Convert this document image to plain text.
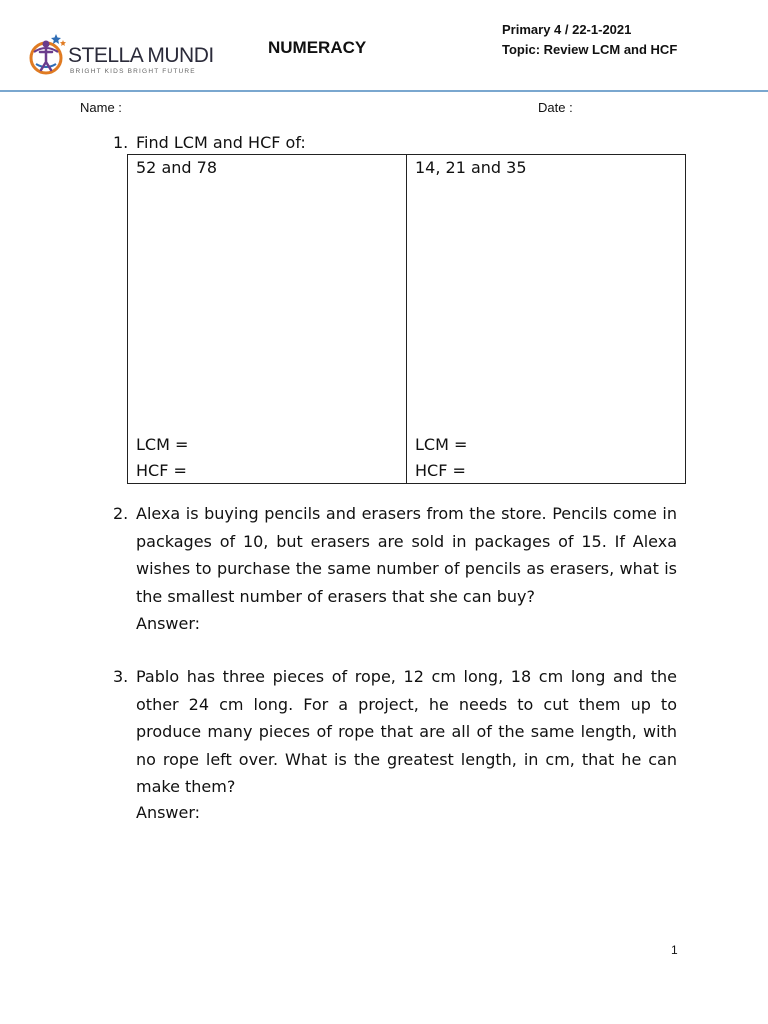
STELLA MUNDI
BRIGHT KIDS BRIGHT FUTURE
NUMERACY
Primary 4 / 22-1-2021
Topic: Review LCM and HCF
Name :	Date :
1. Find LCM and HCF of:
52 and 78
LCM =
HCF =
14, 21 and 35
LCM =
HCF =
2. Alexa is buying pencils and erasers from the store. Pencils come in packages of 10, but erasers are sold in packages of 15. If Alexa wishes to purchase the same number of pencils as erasers, what is the smallest number of erasers that she can buy?
Answer:
3. Pablo has three pieces of rope, 12 cm long, 18 cm long and the other 24 cm long. For a project, he needs to cut them up to produce many pieces of rope that are all of the same length, with no rope left over. What is the greatest length, in cm, that he can make them?
Answer:
1
